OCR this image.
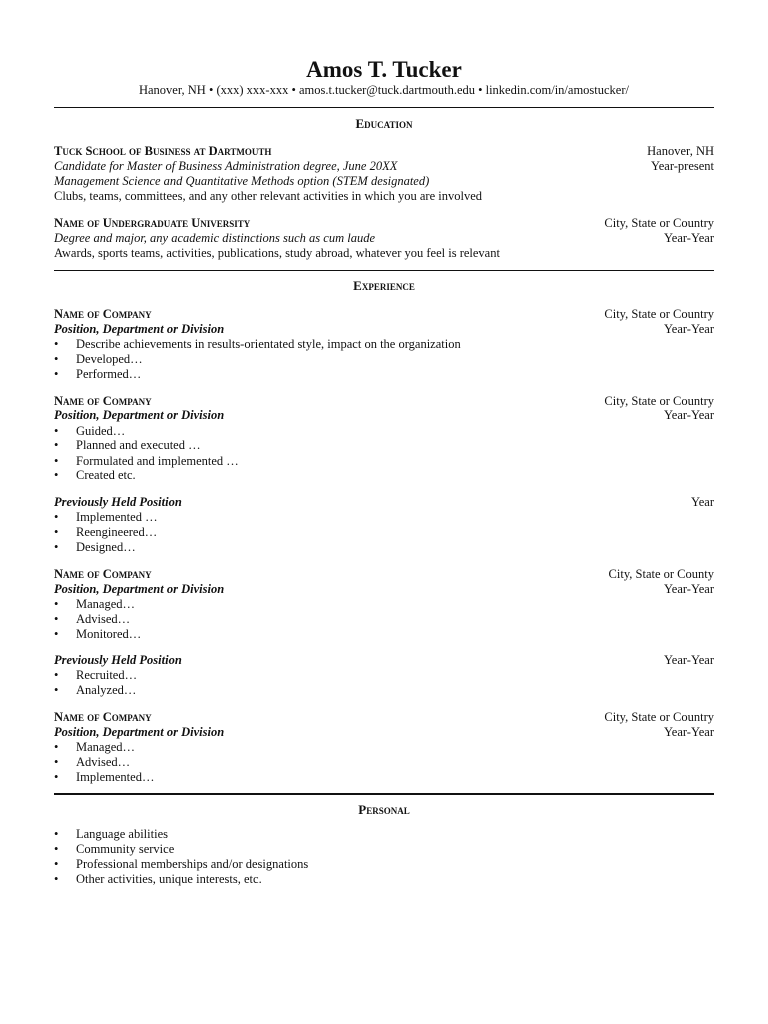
Amos T. Tucker
Hanover, NH • (xxx) xxx-xxx • amos.t.tucker@tuck.dartmouth.edu • linkedin.com/in/amostucker/
Education
Tuck School of Business at Dartmouth	Hanover, NH
Candidate for Master of Business Administration degree, June 20XX	Year-present
Management Science and Quantitative Methods option (STEM designated)
Clubs, teams, committees, and any other relevant activities in which you are involved
Name of Undergraduate University	City, State or Country
Degree and major, any academic distinctions such as cum laude	Year-Year
Awards, sports teams, activities, publications, study abroad, whatever you feel is relevant
Experience
Name of Company	City, State or Country
Position, Department or Division	Year-Year
• Describe achievements in results-orientated style, impact on the organization
• Developed…
• Performed…
Name of Company	City, State or Country
Position, Department or Division	Year-Year
• Guided…
• Planned and executed …
• Formulated and implemented …
• Created etc.
Previously Held Position	Year
• Implemented …
• Reengineered…
• Designed…
Name of Company	City, State or County
Position, Department or Division	Year-Year
• Managed…
• Advised…
• Monitored…
Previously Held Position	Year-Year
• Recruited…
• Analyzed…
Name of Company	City, State or Country
Position, Department or Division	Year-Year
• Managed…
• Advised…
• Implemented…
Personal
• Language abilities
• Community service
• Professional memberships and/or designations
• Other activities, unique interests, etc.
